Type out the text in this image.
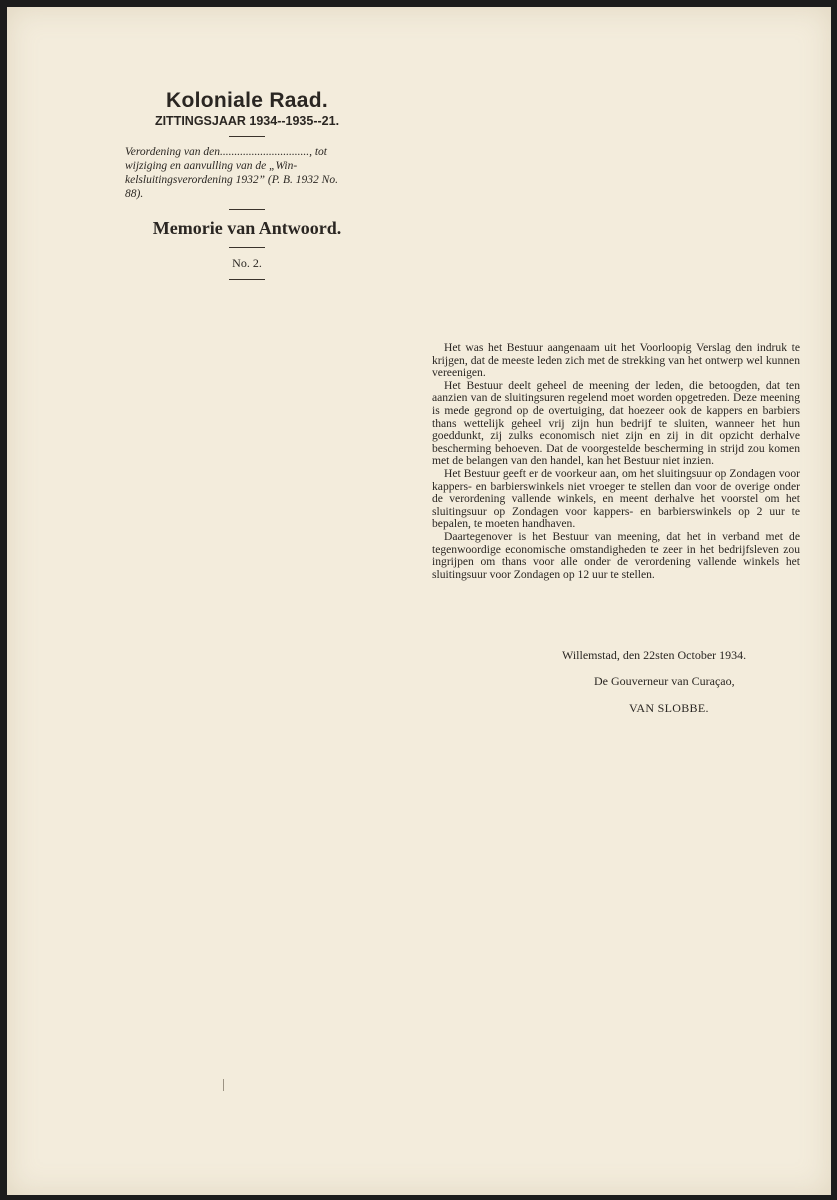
Koloniale Raad.
ZITTINGSJAAR 1934--1935--21.
Verordening van den..............................., tot wijziging en aanvulling van de „Win-kelsluitingsverordening 1932” (P. B. 1932 No. 88).
Memorie van Antwoord.
No. 2.

Het was het Bestuur aangenaam uit het Voorloopig Verslag den indruk te krijgen, dat de meeste leden zich met de strekking van het ontwerp wel kunnen vereenigen.

Het Bestuur deelt geheel de meening der leden, die betoogden, dat ten aanzien van de sluitingsuren regelend moet worden opgetreden. Deze meening is mede gegrond op de overtuiging, dat hoezeer ook de kappers en barbiers thans wettelijk geheel vrij zijn hun bedrijf te sluiten, wanneer het hun goeddunkt, zij zulks economisch niet zijn en zij in dit opzicht derhalve bescherming behoeven. Dat de voorgestelde bescherming in strijd zou komen met de belangen van den handel, kan het Bestuur niet inzien.

Het Bestuur geeft er de voorkeur aan, om het sluitingsuur op Zondagen voor kappers- en barbierswinkels niet vroeger te stellen dan voor de overige onder de verordening vallende winkels, en meent derhalve het voorstel om het sluitingsuur op Zondagen voor kappers- en barbierswinkels op 2 uur te bepalen, te moeten handhaven.

Daartegenover is het Bestuur van meening, dat het in verband met de tegenwoordige economische omstandigheden te zeer in het bedrijfsleven zou ingrijpen om thans voor alle onder de verordening vallende winkels het sluitingsuur voor Zondagen op 12 uur te stellen.

Willemstad, den 22sten October 1934.
De Gouverneur van Curaçao,
VAN SLOBBE.
